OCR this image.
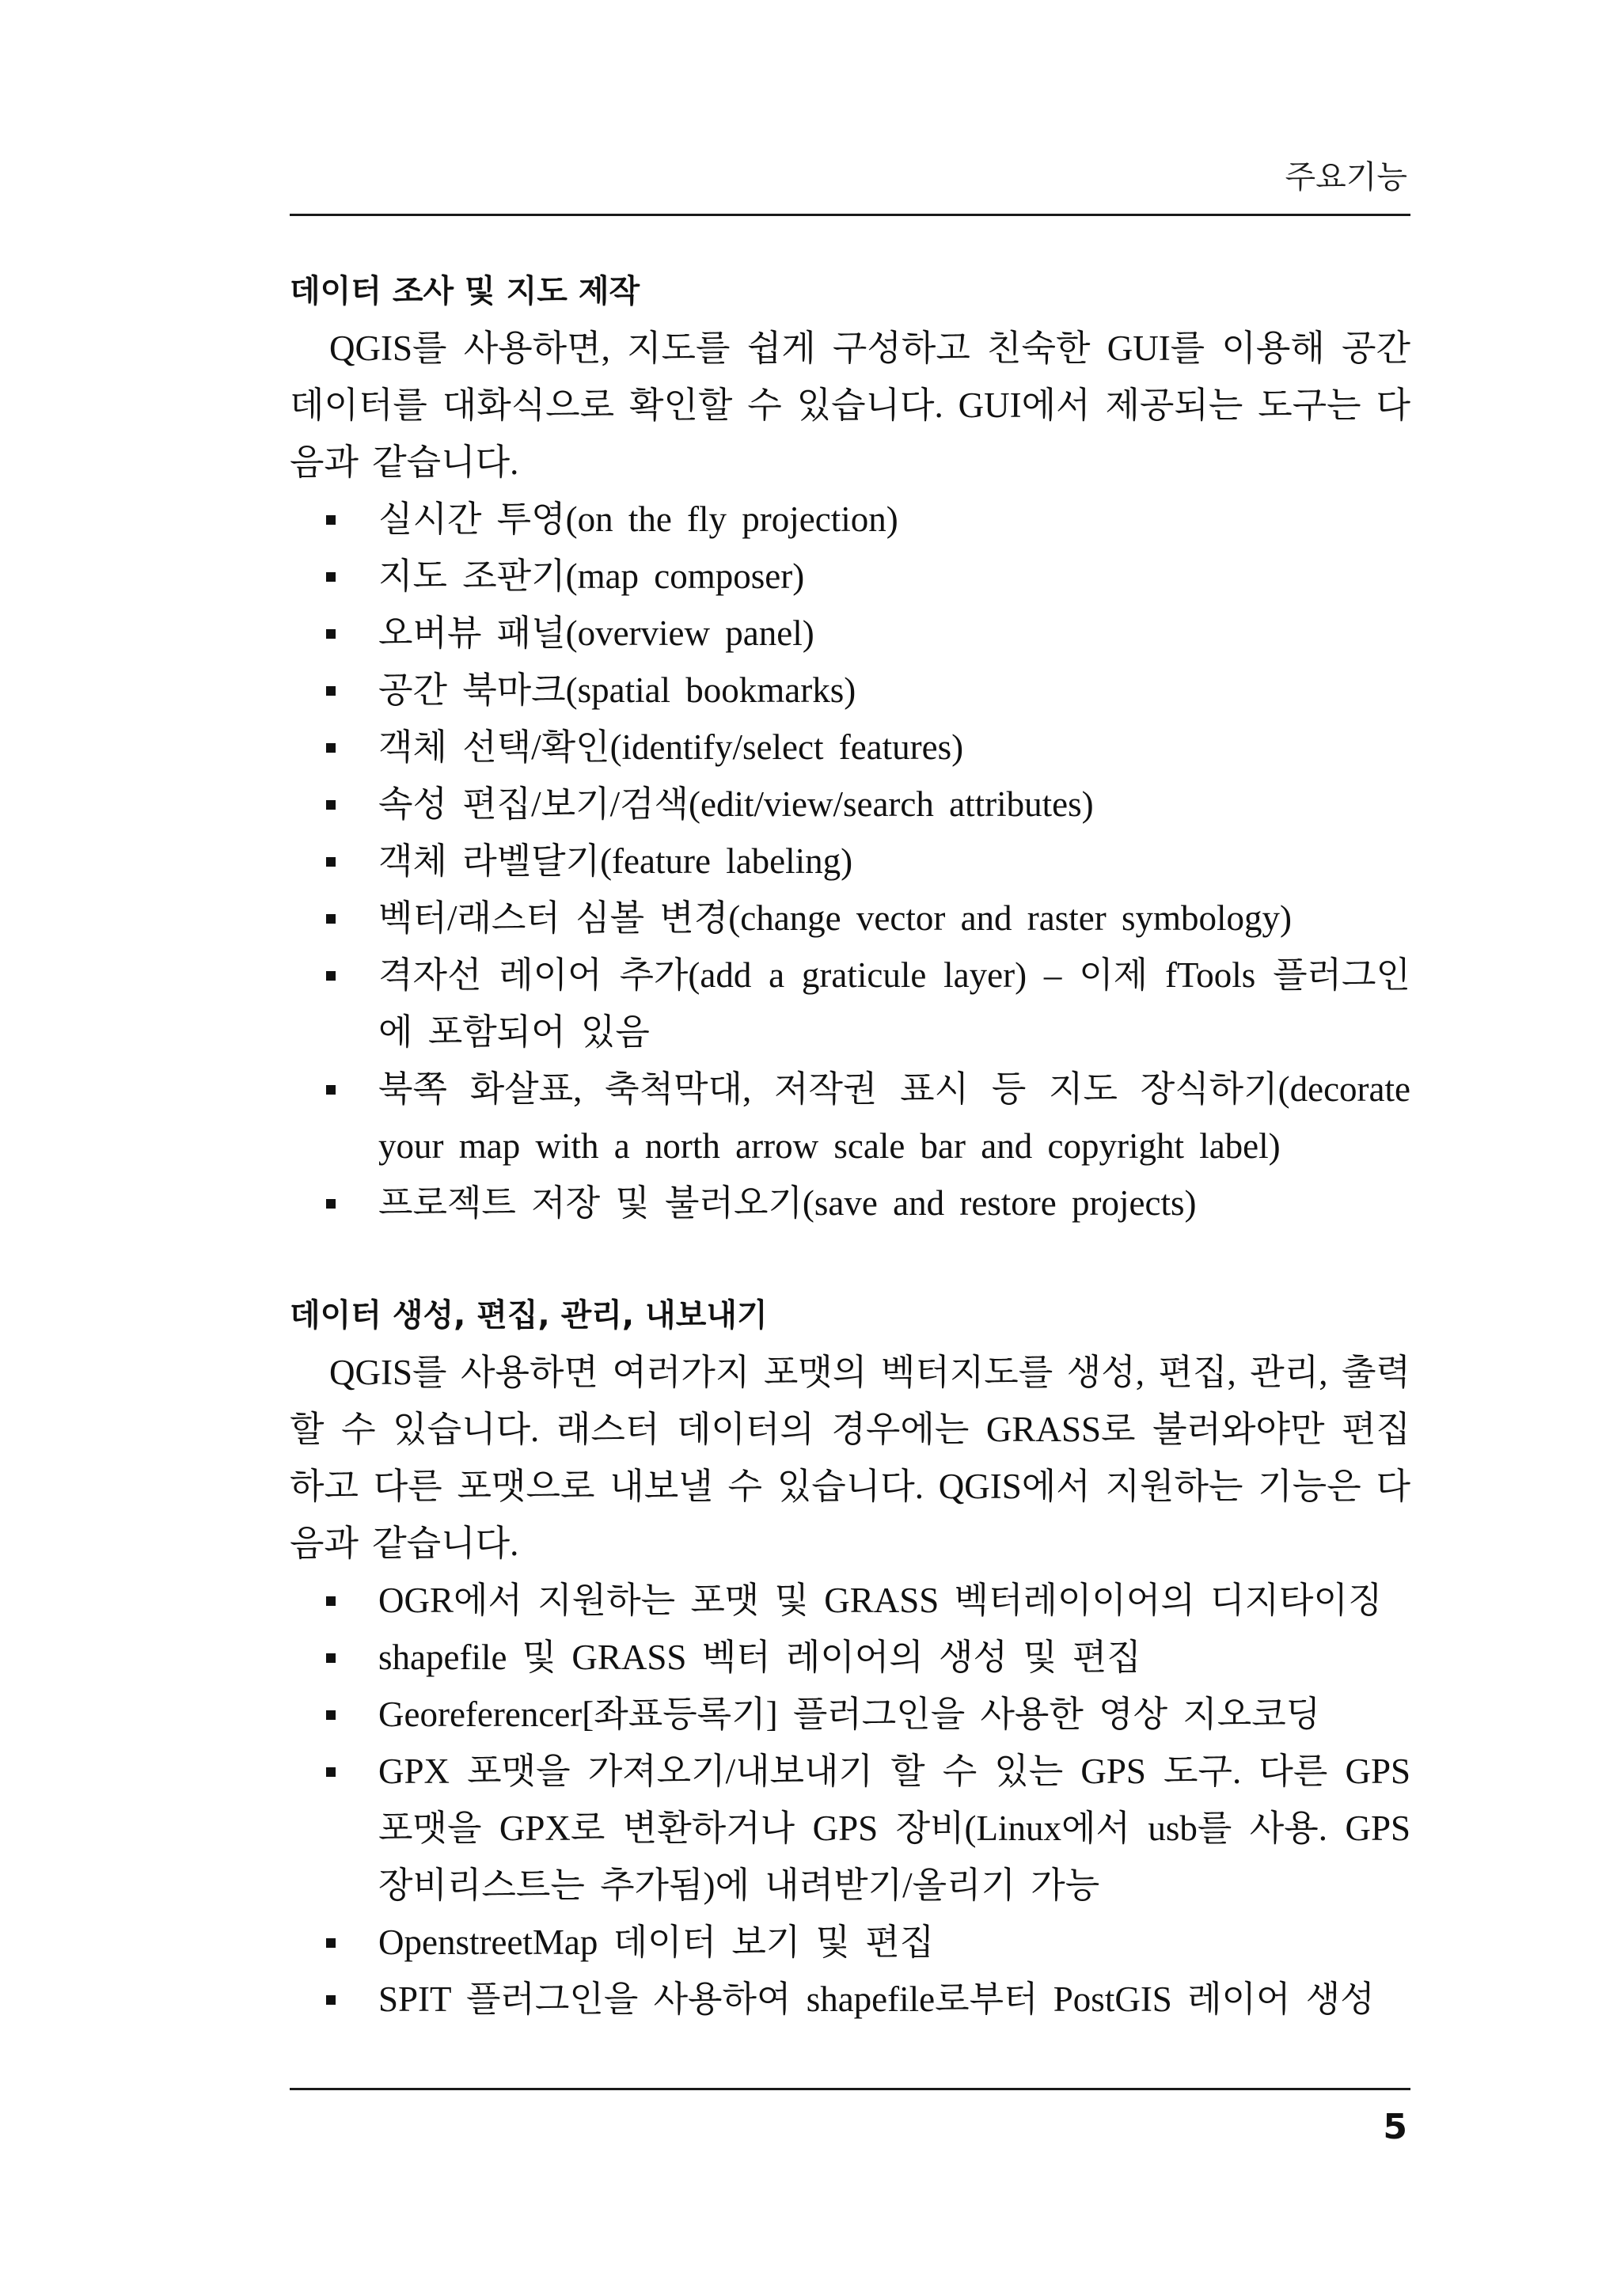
주요기능
데이터 조사 및 지도 제작

QGIS를 사용하면, 지도를 쉽게 구성하고 친숙한 GUI를 이용해 공간데이터를 대화식으로 확인할 수 있습니다. GUI에서 제공되는 도구는 다음과 같습니다.

실시간 투영(on the fly projection)
지도 조판기(map composer)
오버뷰 패널(overview panel)
공간 북마크(spatial bookmarks)
객체 선택/확인(identify/select features)
속성 편집/보기/검색(edit/view/search attributes)
객체 라벨달기(feature labeling)
벡터/래스터 심볼 변경(change vector and raster symbology)
격자선 레이어 추가(add a graticule layer) – 이제 fTools 플러그인에 포함되어 있음
북쪽 화살표, 축척막대, 저작권 표시 등 지도 장식하기(decorate your map with a north arrow scale bar and copyright label)
프로젝트 저장 및 불러오기(save and restore projects)
데이터 생성, 편집, 관리, 내보내기

QGIS를 사용하면 여러가지 포맷의 벡터지도를 생성, 편집, 관리, 출력할 수 있습니다. 래스터 데이터의 경우에는 GRASS로 불러와야만 편집하고 다른 포맷으로 내보낼 수 있습니다. QGIS에서 지원하는 기능은 다음과 같습니다.

OGR에서 지원하는 포맷 및 GRASS 벡터레이이어의 디지타이징
shapefile 및 GRASS 벡터 레이어의 생성 및 편집
Georeferencer[좌표등록기] 플러그인을 사용한 영상 지오코딩
GPX 포맷을 가져오기/내보내기 할 수 있는 GPS 도구. 다른 GPS 포맷을 GPX로 변환하거나 GPS 장비(Linux에서 usb를 사용. GPS 장비리스트는 추가됨)에 내려받기/올리기 가능
OpenstreetMap 데이터 보기 및 편집
SPIT 플러그인을 사용하여 shapefile로부터 PostGIS 레이어 생성
5
